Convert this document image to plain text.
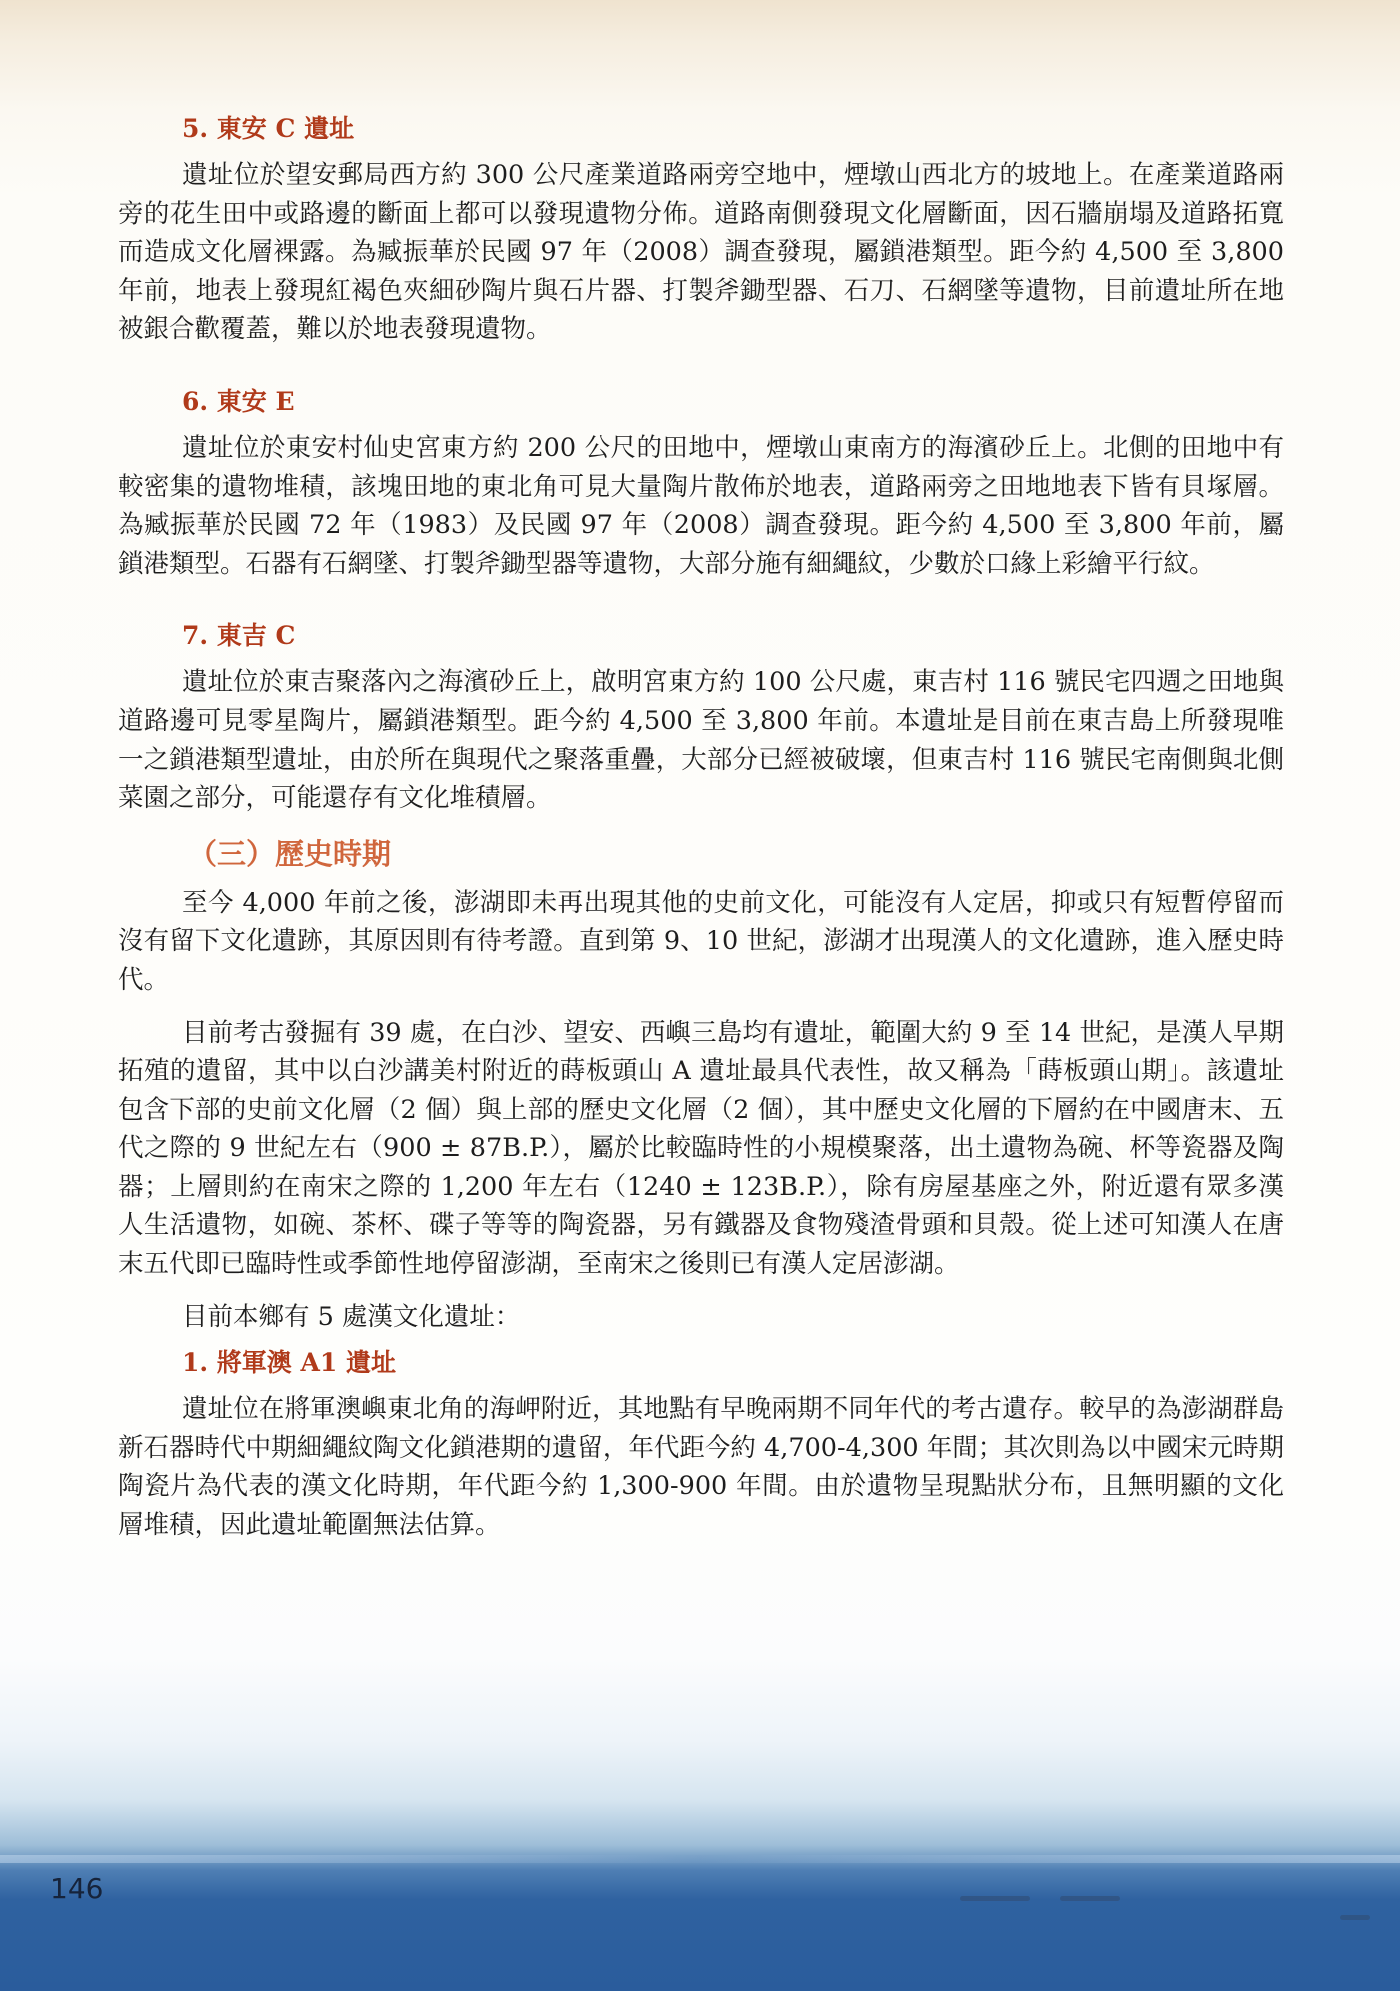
5. 東安 C 遺址

遺址位於望安郵局西方約 300 公尺產業道路兩旁空地中，煙墩山西北方的坡地上。在產業道路兩旁的花生田中或路邊的斷面上都可以發現遺物分佈。道路南側發現文化層斷面，因石牆崩塌及道路拓寬而造成文化層裸露。為臧振華於民國 97 年（2008）調查發現，屬鎖港類型。距今約 4,500 至 3,800 年前，地表上發現紅褐色夾細砂陶片與石片器、打製斧鋤型器、石刀、石網墜等遺物，目前遺址所在地被銀合歡覆蓋，難以於地表發現遺物。

6. 東安 E

遺址位於東安村仙史宮東方約 200 公尺的田地中，煙墩山東南方的海濱砂丘上。北側的田地中有較密集的遺物堆積，該塊田地的東北角可見大量陶片散佈於地表，道路兩旁之田地地表下皆有貝塚層。為臧振華於民國 72 年（1983）及民國 97 年（2008）調查發現。距今約 4,500 至 3,800 年前，屬鎖港類型。石器有石網墜、打製斧鋤型器等遺物，大部分施有細繩紋，少數於口緣上彩繪平行紋。

7. 東吉 C

遺址位於東吉聚落內之海濱砂丘上，啟明宮東方約 100 公尺處，東吉村 116 號民宅四週之田地與道路邊可見零星陶片，屬鎖港類型。距今約 4,500 至 3,800 年前。本遺址是目前在東吉島上所發現唯一之鎖港類型遺址，由於所在與現代之聚落重疊，大部分已經被破壞，但東吉村 116 號民宅南側與北側菜園之部分，可能還存有文化堆積層。

（三）歷史時期

至今 4,000 年前之後，澎湖即未再出現其他的史前文化，可能沒有人定居，抑或只有短暫停留而沒有留下文化遺跡，其原因則有待考證。直到第 9、10 世紀，澎湖才出現漢人的文化遺跡，進入歷史時代。

目前考古發掘有 39 處，在白沙、望安、西嶼三島均有遺址，範圍大約 9 至 14 世紀，是漢人早期拓殖的遺留，其中以白沙講美村附近的蒔板頭山 A 遺址最具代表性，故又稱為「蒔板頭山期」。該遺址包含下部的史前文化層（2 個）與上部的歷史文化層（2 個），其中歷史文化層的下層約在中國唐末、五代之際的 9 世紀左右（900 ± 87B.P.），屬於比較臨時性的小規模聚落，出土遺物為碗、杯等瓷器及陶器；上層則約在南宋之際的 1,200 年左右（1240 ± 123B.P.），除有房屋基座之外，附近還有眾多漢人生活遺物，如碗、茶杯、碟子等等的陶瓷器，另有鐵器及食物殘渣骨頭和貝殼。從上述可知漢人在唐末五代即已臨時性或季節性地停留澎湖，至南宋之後則已有漢人定居澎湖。

目前本鄉有 5 處漢文化遺址：

1. 將軍澳 A1 遺址

遺址位在將軍澳嶼東北角的海岬附近，其地點有早晚兩期不同年代的考古遺存。較早的為澎湖群島新石器時代中期細繩紋陶文化鎖港期的遺留，年代距今約 4,700-4,300 年間；其次則為以中國宋元時期陶瓷片為代表的漢文化時期，年代距今約 1,300-900 年間。由於遺物呈現點狀分布，且無明顯的文化層堆積，因此遺址範圍無法估算。

146
